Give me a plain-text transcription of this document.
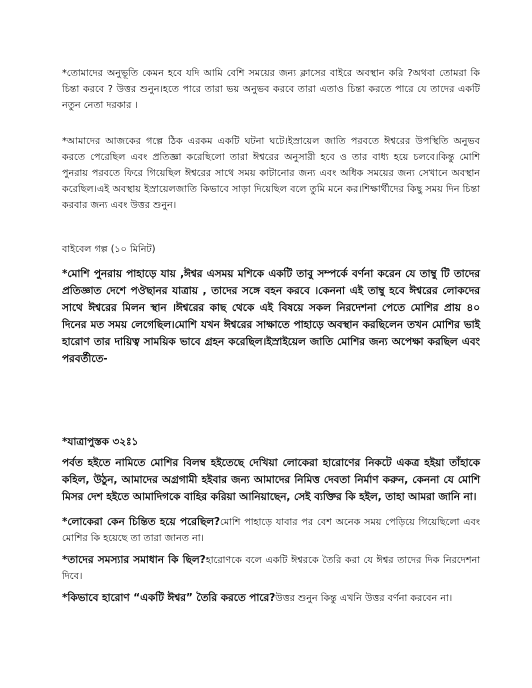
*তোমাদের অনুভূতি কেমন হবে যদি আমি বেশি সময়ের জন্য ক্লাসের বাইরে অবস্থান করি ?অথবা তোমরা কি চিন্তা করবে ? উত্তর শুনুন।হতে পারে তারা ভয় অনুভব করবে তারা এতাও চিন্তা করতে পারে যে তাদের একটি নতুন নেতা দরকার ।

*আমাদের আজকের গল্পে ঠিক এরকম একটি ঘটনা ঘটে।ইস্রায়েল জাতি পরবতে ঈশ্বরের উপস্থিতি অনুভব করতে পেরেছিল এবং প্রতিজ্ঞা করেছিলো তারা ঈশ্বরের অনুসারী হবে ও তার বাধ্য হয়ে চলবে।কিন্তু মোশি পুনরায় পরবতে ফিরে গিয়েছিল ঈশ্বরের সাথে সময় কাটানোর জন্য এবং অধিক সময়ের জন্য সেখানে অবস্থান করেছিল।এই অবস্থায় ইস্রায়েলজাতি কিভাবে সাড়া দিয়েছিল বলে তুমি মনে কর।শিক্ষার্থীদের কিছু সময় দিন চিন্তা করবার জন্য এবং উত্তর শুনুন।

বাইবেল গল্প (১০ মিনিট)

*মোশি পুনরায় পাহাড়ে যায় ,ঈশ্বর এসময় মশিকে একটি তাবু সম্পর্কে বর্ণনা করেন যে তাম্বু টি তাদের প্রতিজ্ঞাত দেশে পঔছানর যাত্রায় , তাদের সঙ্গে বহন করবে ।কেননা এই তাম্বু হবে ঈশ্বরের লোকদের সাথে ঈশ্বরের মিলন স্থান ।ঈশ্বরের কাছ থেকে এই বিষয়ে সকল নিরদেশনা পেতে মোশির প্রায় ৪০ দিনের মত সময় লেগেছিল।মোশি যখন ঈশ্বরের সাক্ষাতে পাহাড়ে অবস্থান করছিলেন তখন মোশির ভাই হারোণ তার দায়িত্ব সাময়িক ভাবে গ্রহন করেছিল।ইস্রাইয়েল জাতি মোশির জন্য অপেক্ষা করছিল এবং পরবর্তীতে-

*যাত্রাপুস্তক ৩২ঃ১

পর্বত হইতে নামিতে মোশির বিলম্ব হইতেছে দেখিয়া লোকেরা হারোণের নিকটে একত্র হইয়া তাঁহাকে কহিল, উঠুন, আমাদের অগ্রগামী হইবার জন্য আমাদের নিমিত্ত দেবতা নির্মাণ করুন, কেননা যে মোশি মিসর দেশ হইতে আমাদিগকে বাহির করিয়া আনিয়াছেন, সেই ব্যক্তির কি হইল, তাহা আমরা জানি না।

*লোকেরা কেন চিন্তিত হয়ে পরেছিল?মোশি পাহাড়ে যাবার পর বেশ অনেক সময় পেড়িয়ে গিয়েছিলো এবং মোশির কি হয়েছে তা তারা জানত না।

*তাদের সমস্যার সমাধান কি ছিল?হারোণকে বলে একটি ঈশ্বরকে তৈরি করা যে ঈশ্বর তাদের দিক নিরদেশনা দিবে।

*কিভাবে হারোণ “একটি ঈশ্বর” তৈরি করতে পারে?উত্তর শুনুন কিন্তু এখনি উত্তর বর্ণনা করবেন না।
